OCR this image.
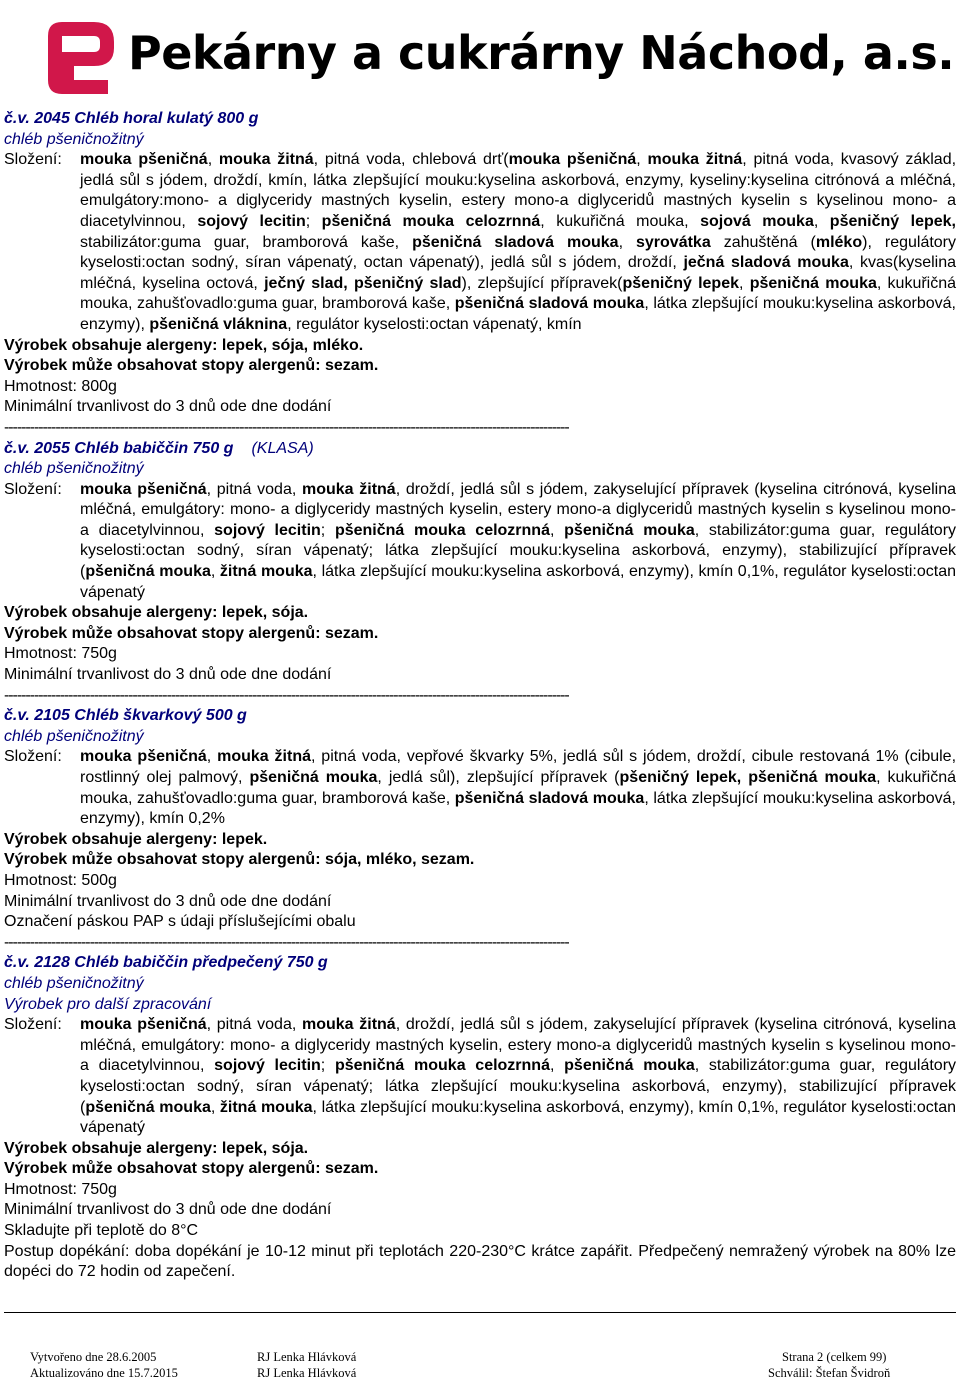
Pekárny a cukrárny Náchod, a.s.
č.v. 2045 Chléb horal kulatý 800 g
chléb pšeničnožitný
Složení:	mouka pšeničná, mouka žitná, pitná voda, chlebová drť(mouka pšeničná, mouka žitná, pitná voda, kvasový základ, jedlá sůl s jódem, droždí, kmín, látka zlepšující mouku:kyselina askorbová, enzymy, kyseliny:kyselina citrónová a mléčná, emulgátory:mono- a diglyceridy mastných kyselin, estery mono-a diglyceridů mastných kyselin s kyselinou mono- a diacetylvinnou, sojový lecitin; pšeničná mouka celozrnná, kukuřičná mouka, sojová mouka, pšeničný lepek, stabilizátor:guma guar, bramborová kaše, pšeničná sladová mouka, syrovátka zahuštěná (mléko), regulátory kyselosti:octan sodný, síran vápenatý, octan vápenatý), jedlá sůl s jódem, droždí, ječná sladová mouka, kvas(kyselina mléčná, kyselina octová, ječný slad, pšeničný slad), zlepšující přípravek(pšeničný lepek, pšeničná mouka, kukuřičná mouka, zahušťovadlo:guma guar, bramborová kaše, pšeničná sladová mouka, látka zlepšující mouku:kyselina askorbová, enzymy), pšeničná vláknina, regulátor kyselosti:octan vápenatý, kmín

Výrobek obsahuje alergeny: lepek, sója, mléko.
Výrobek může obsahovat stopy alergenů: sezam.
Hmotnost: 800g
Minimální trvanlivost do 3 dnů ode dne dodání
------------------------------------------------------------------------------------------------------------------------------------
č.v. 2055 Chléb babiččin 750 g (KLASA)
chléb pšeničnožitný
Složení:	mouka pšeničná, pitná voda, mouka žitná, droždí, jedlá sůl s jódem, zakyselující přípravek (kyselina citrónová, kyselina mléčná, emulgátory: mono- a diglyceridy mastných kyselin, estery mono-a diglyceridů mastných kyselin s kyselinou mono- a diacetylvinnou, sojový lecitin; pšeničná mouka celozrnná, pšeničná mouka, stabilizátor:guma guar, regulátory kyselosti:octan sodný, síran vápenatý; látka zlepšující mouku:kyselina askorbová, enzymy), stabilizující přípravek (pšeničná mouka, žitná mouka, látka zlepšující mouku:kyselina askorbová, enzymy), kmín 0,1%, regulátor kyselosti:octan vápenatý

Výrobek obsahuje alergeny: lepek, sója.
Výrobek může obsahovat stopy alergenů: sezam.
Hmotnost: 750g
Minimální trvanlivost do 3 dnů ode dne dodání
------------------------------------------------------------------------------------------------------------------------------------
č.v. 2105 Chléb škvarkový 500 g
chléb pšeničnožitný
Složení:	mouka pšeničná, mouka žitná, pitná voda, vepřové škvarky 5%, jedlá sůl s jódem, droždí, cibule restovaná 1% (cibule, rostlinný olej palmový, pšeničná mouka, jedlá sůl), zlepšující přípravek (pšeničný lepek, pšeničná mouka, kukuřičná mouka, zahušťovadlo:guma guar, bramborová kaše, pšeničná sladová mouka, látka zlepšující mouku:kyselina askorbová, enzymy), kmín 0,2%

Výrobek obsahuje alergeny: lepek.
Výrobek může obsahovat stopy alergenů: sója, mléko, sezam.
Hmotnost: 500g
Minimální trvanlivost do 3 dnů ode dne dodání
Označení páskou PAP s údaji příslušejícími obalu
------------------------------------------------------------------------------------------------------------------------------------
č.v. 2128 Chléb babiččin předpečený 750 g
chléb pšeničnožitný
Výrobek pro další zpracování
Složení:	mouka pšeničná, pitná voda, mouka žitná, droždí, jedlá sůl s jódem, zakyselující přípravek (kyselina citrónová, kyselina mléčná, emulgátory: mono- a diglyceridy mastných kyselin, estery mono-a diglyceridů mastných kyselin s kyselinou mono- a diacetylvinnou, sojový lecitin; pšeničná mouka celozrnná, pšeničná mouka, stabilizátor:guma guar, regulátory kyselosti:octan sodný, síran vápenatý; látka zlepšující mouku:kyselina askorbová, enzymy), stabilizující přípravek (pšeničná mouka, žitná mouka, látka zlepšující mouku:kyselina askorbová, enzymy), kmín 0,1%, regulátor kyselosti:octan vápenatý

Výrobek obsahuje alergeny: lepek, sója.
Výrobek může obsahovat stopy alergenů: sezam.
Hmotnost: 750g
Minimální trvanlivost do 3 dnů ode dne dodání
Skladujte při teplotě do 8°C
Postup dopékání: doba dopékání je 10-12 minut při teplotách 220-230°C krátce zapářit. Předpečený nemražený výrobek na 80% lze dopéci do 72 hodin od zapečení.
Vytvořeno dne 28.6.2005
Aktualizováno dne 15.7.2015
RJ Lenka Hlávková
RJ Lenka Hlávková
Strana 2 (celkem 99)
Schválil: Štefan Švidroň
